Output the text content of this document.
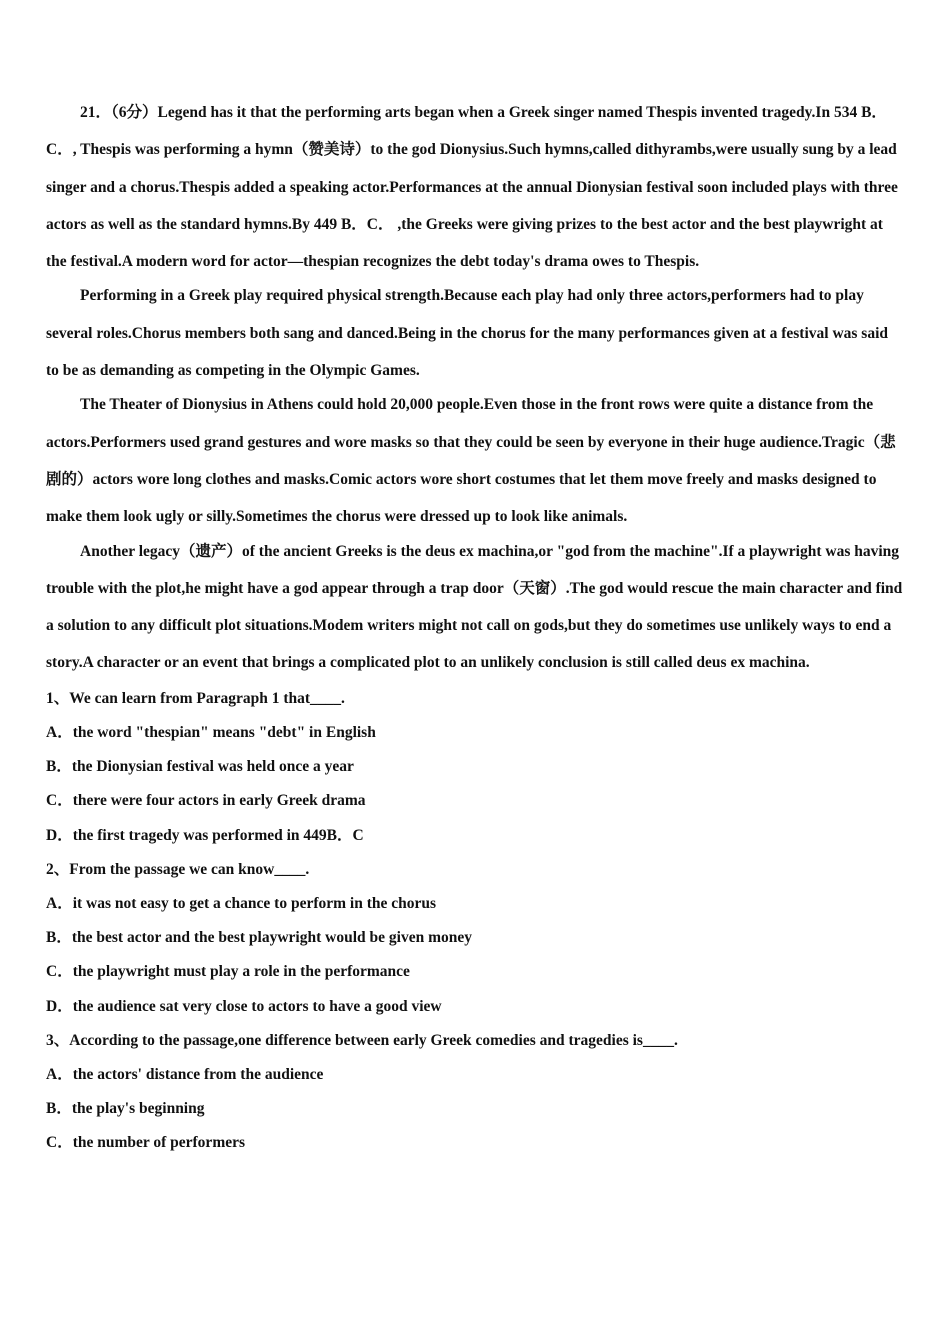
21．（6分）Legend has it that the performing arts began when a Greek singer named Thespis invented tragedy.In 534 B．C．, Thespis was performing a hymn（赞美诗）to the god Dionysius.Such hymns,called dithyrambs,were usually sung by a lead singer and a chorus.Thespis added a speaking actor.Performances at the annual Dionysian festival soon included plays with three actors as well as the standard hymns.By 449 B．C． ,the Greeks were giving prizes to the best actor and the best playwright at the festival.A modern word for actor—thespian recognizes the debt today's drama owes to Thespis.

Performing in a Greek play required physical strength.Because each play had only three actors,performers had to play several roles.Chorus members both sang and danced.Being in the chorus for the many performances given at a festival was said to be as demanding as competing in the Olympic Games.

The Theater of Dionysius in Athens could hold 20,000 people.Even those in the front rows were quite a distance from the actors.Performers used grand gestures and wore masks so that they could be seen by everyone in their huge audience.Tragic（悲剧的）actors wore long clothes and masks.Comic actors wore short costumes that let them move freely and masks designed to make them look ugly or silly.Sometimes the chorus were dressed up to look like animals.

Another legacy（遗产）of the ancient Greeks is the deus ex machina,or "god from the machine".If a playwright was having trouble with the plot,he might have a god appear through a trap door（天窗）.The god would rescue the main character and find a solution to any difficult plot situations.Modem writers might not call on gods,but they do sometimes use unlikely ways to end a story.A character or an event that brings a complicated plot to an unlikely conclusion is still called deus ex machina.

1、We can learn from Paragraph 1 that____.

A．the word "thespian" means "debt" in English

B．the Dionysian festival was held once a year

C．there were four actors in early Greek drama

D．the first tragedy was performed in 449B．C

2、From the passage we can know____.

A．it was not easy to get a chance to perform in the chorus

B．the best actor and the best playwright would be given money

C．the playwright must play a role in the performance

D．the audience sat very close to actors to have a good view

3、According to the passage,one difference between early Greek comedies and tragedies is____.

A．the actors' distance from the audience

B．the play's beginning

C．the number of performers
